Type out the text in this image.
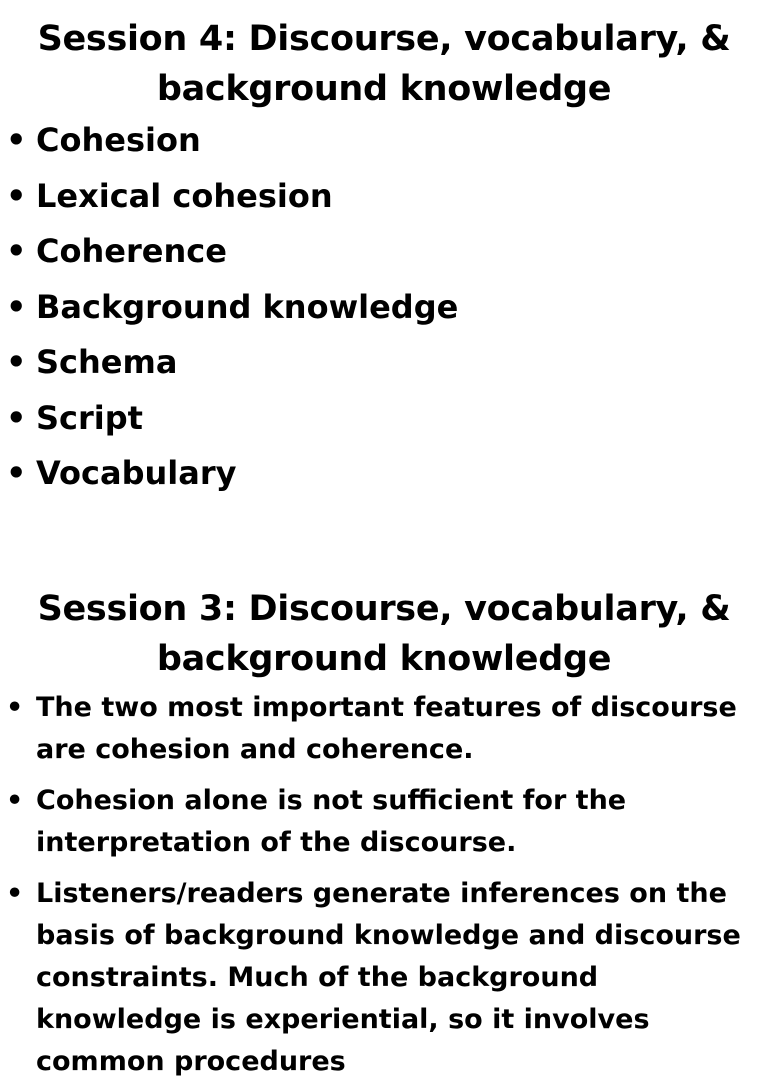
Session 4: Discourse, vocabulary, &
background knowledge
• Cohesion
• Lexical cohesion
• Coherence
• Background knowledge
• Schema
• Script
• Vocabulary
Session 3: Discourse, vocabulary, &
background knowledge
• The two most important features of discourse are cohesion and coherence.
• Cohesion alone is not sufficient for the interpretation of the discourse.
• Listeners/readers generate inferences on the basis of background knowledge and discourse constraints. Much of the background knowledge is experiential, so it involves common procedures
